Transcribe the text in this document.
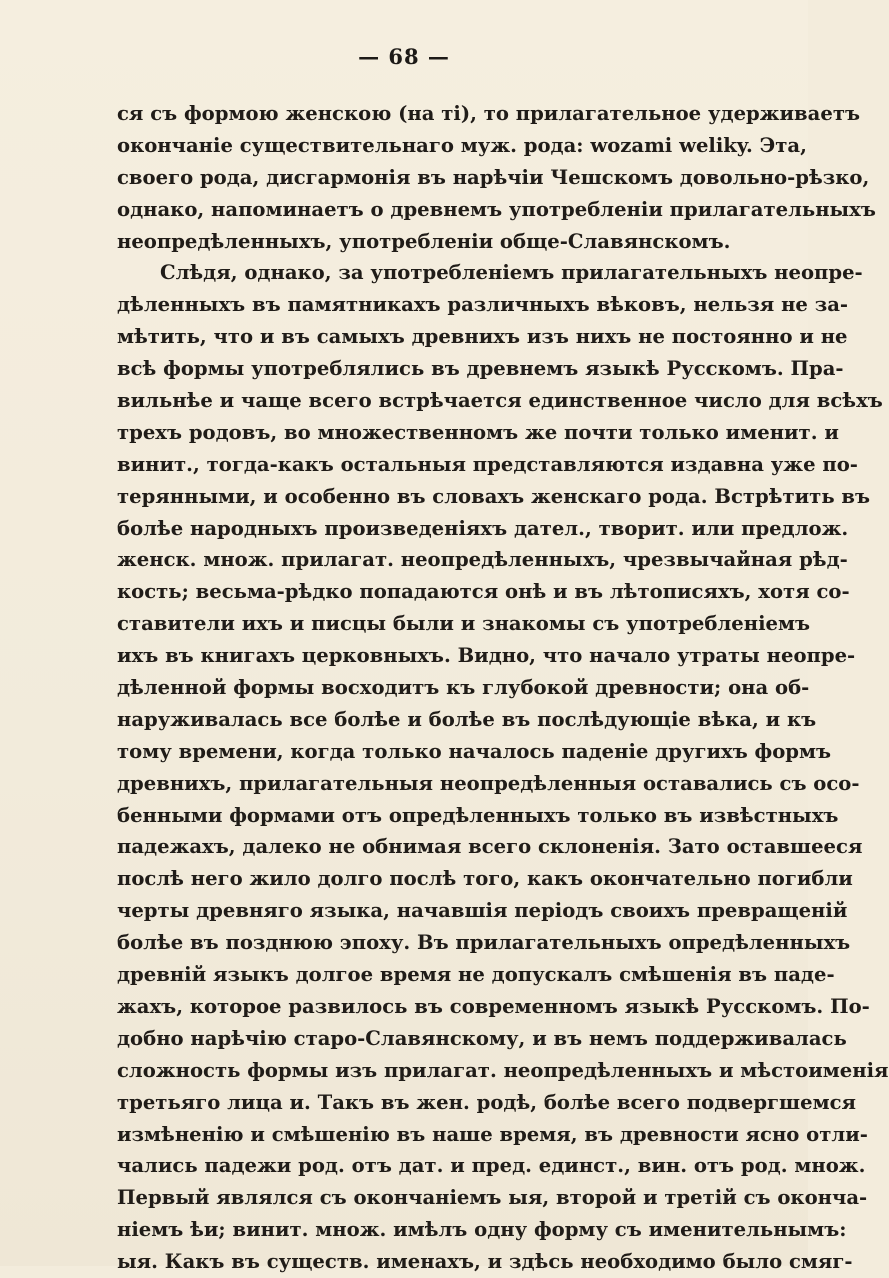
— 68 —
ся съ формою женскою (на ті), то прилагательное удерживаетъ
окончаніе существительнаго муж. рода: wozami weliky. Эта,
своего рода, дисгармонія въ нарѣчіи Чешскомъ довольно-рѣзко,
однако, напоминаетъ о древнемъ употребленіи прилагательныхъ
неопредѣленныхъ, употребленіи обще-Славянскомъ.
Слѣдя, однако, за употребленіемъ прилагательныхъ неопре-
дѣленныхъ въ памятникахъ различныхъ вѣковъ, нельзя не за-
мѣтить, что и въ самыхъ древнихъ изъ нихъ не постоянно и не
всѣ формы употреблялись въ древнемъ языкѣ Русскомъ. Пра-
вильнѣе и чаще всего встрѣчается единственное число для всѣхъ
трехъ родовъ, во множественномъ же почти только именит. и
винит., тогда-какъ остальныя представляются издавна уже по-
терянными, и особенно въ словахъ женскаго рода. Встрѣтить въ
болѣе народныхъ произведеніяхъ дател., творит. или предлож.
женск. множ. прилагат. неопредѣленныхъ, чрезвычайная рѣд-
кость; весьма-рѣдко попадаются онѣ и въ лѣтописяхъ, хотя со-
ставители ихъ и писцы были и знакомы съ употребленіемъ
ихъ въ книгахъ церковныхъ. Видно, что начало утраты неопре-
дѣленной формы восходитъ къ глубокой древности; она об-
наруживалась все болѣе и болѣе въ послѣдующіе вѣка, и къ
тому времени, когда только началось паденіе другихъ формъ
древнихъ, прилагательныя неопредѣленныя оставались съ осо-
бенными формами отъ опредѣленныхъ только въ извѣстныхъ
падежахъ, далеко не обнимая всего склоненія. Зато оставшееся
послѣ него жило долго послѣ того, какъ окончательно погибли
черты древняго языка, начавшія періодъ своихъ превращеній
болѣе въ позднюю эпоху. Въ прилагательныхъ опредѣленныхъ
древній языкъ долгое время не допускалъ смѣшенія въ паде-
жахъ, которое развилось въ современномъ языкѣ Русскомъ. По-
добно нарѣчію старо-Славянскому, и въ немъ поддерживалась
сложность формы изъ прилагат. неопредѣленныхъ и мѣстоименія
третьяго лица и. Такъ въ жен. родѣ, болѣе всего подвергшемся
измѣненію и смѣшенію въ наше время, въ древности ясно отли-
чались падежи род. отъ дат. и пред. единст., вин. отъ род. множ.
Первый являлся съ окончаніемъ ыя, второй и третій съ оконча-
ніемъ ѣи; винит. множ. имѣлъ одну форму съ именительнымъ:
ыя. Какъ въ существ. именахъ, и здѣсь необходимо было смяг-
